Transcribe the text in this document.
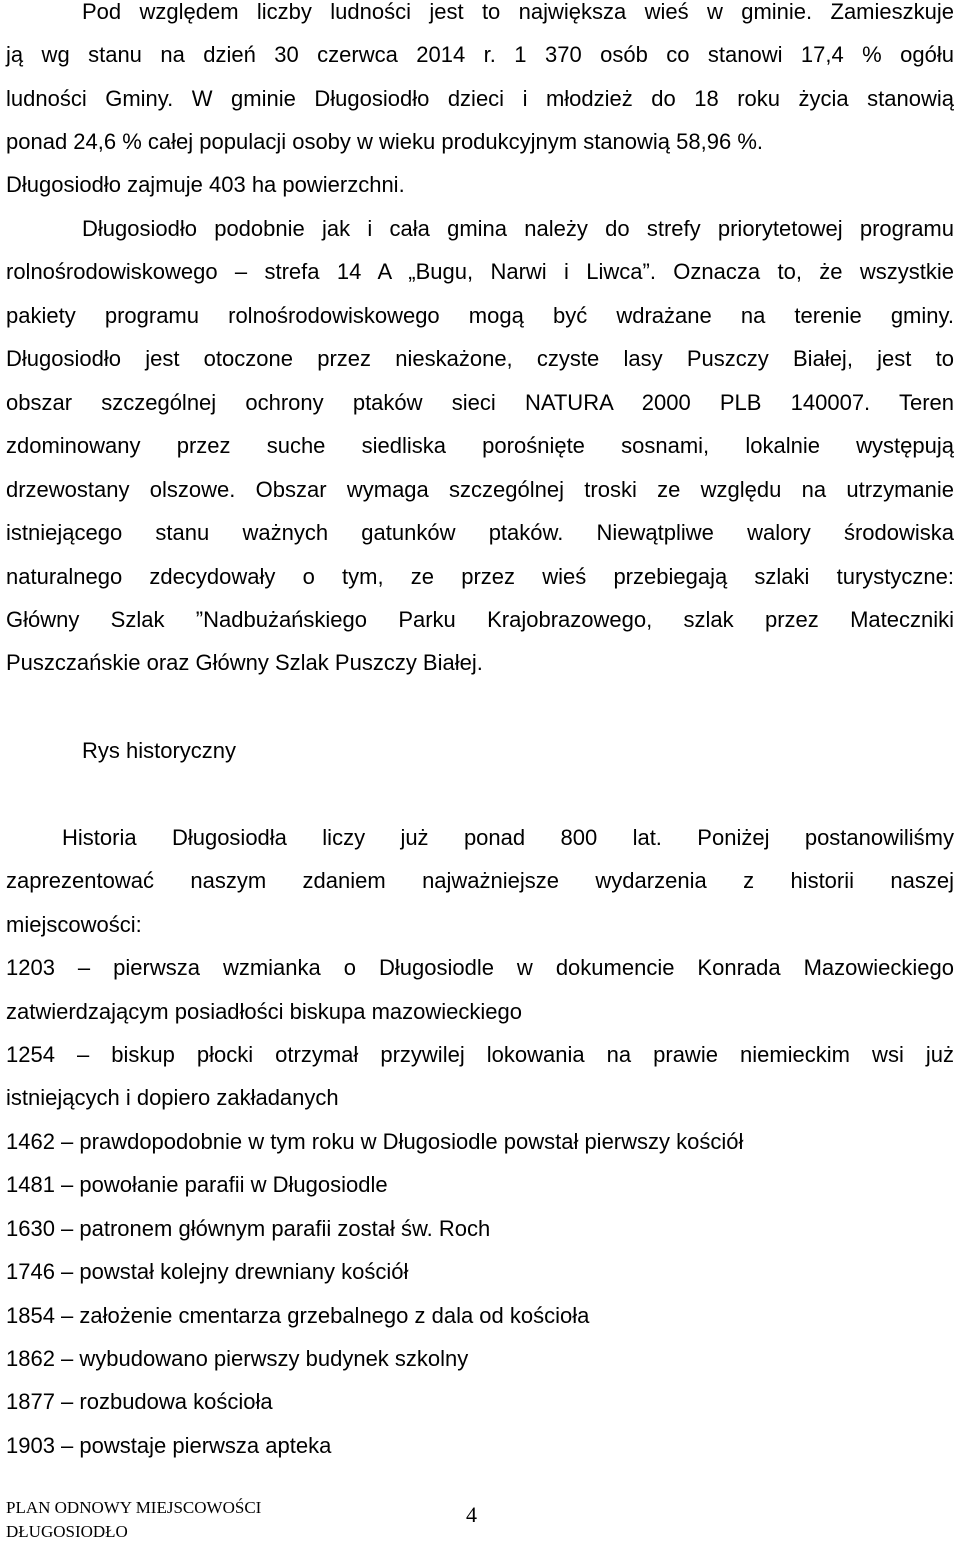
Pod względem liczby ludności jest to największa wieś w gminie. Zamieszkuje
ją wg stanu na dzień 30 czerwca 2014 r. 1 370 osób co stanowi 17,4 % ogółu
ludności Gminy. W gminie Długosiodło dzieci i młodzież do 18 roku życia stanowią
ponad 24,6 % całej populacji osoby w wieku produkcyjnym stanowią 58,96 %.
Długosiodło zajmuje 403 ha powierzchni.
Długosiodło podobnie jak i cała gmina należy do strefy priorytetowej programu
rolnośrodowiskowego – strefa 14 A „Bugu, Narwi i Liwca”. Oznacza to, że wszystkie
pakiety programu rolnośrodowiskowego mogą być wdrażane na terenie gminy.
Długosiodło jest otoczone przez nieskażone, czyste lasy Puszczy Białej, jest to
obszar szczególnej ochrony ptaków sieci NATURA 2000 PLB 140007. Teren
zdominowany przez suche siedliska porośnięte sosnami, lokalnie występują
drzewostany olszowe. Obszar wymaga szczególnej troski ze względu na utrzymanie
istniejącego stanu ważnych gatunków ptaków. Niewątpliwe walory środowiska
naturalnego zdecydowały o tym, ze przez wieś przebiegają szlaki turystyczne:
Główny Szlak ”Nadbużańskiego Parku Krajobrazowego, szlak przez Mateczniki
Puszczańskie oraz Główny Szlak Puszczy Białej.
Rys historyczny
Historia Długosiodła liczy już ponad 800 lat. Poniżej postanowiliśmy
zaprezentować naszym zdaniem najważniejsze wydarzenia z historii naszej
miejscowości:
1203 – pierwsza wzmianka o Długosiodle w dokumencie Konrada Mazowieckiego
zatwierdzającym posiadłości biskupa mazowieckiego
1254 – biskup płocki otrzymał przywilej lokowania na prawie niemieckim wsi już
istniejących i dopiero zakładanych
1462 – prawdopodobnie w tym roku w Długosiodle powstał pierwszy kościół
1481 – powołanie parafii w Długosiodle
1630 – patronem głównym parafii został św. Roch
1746 – powstał kolejny drewniany kościół
1854 – założenie cmentarza grzebalnego z dala od kościoła
1862 – wybudowano pierwszy budynek szkolny
1877 – rozbudowa kościoła
1903 – powstaje pierwsza apteka
PLAN ODNOWY MIEJSCOWOŚCI
DŁUGOSIODŁO
4
